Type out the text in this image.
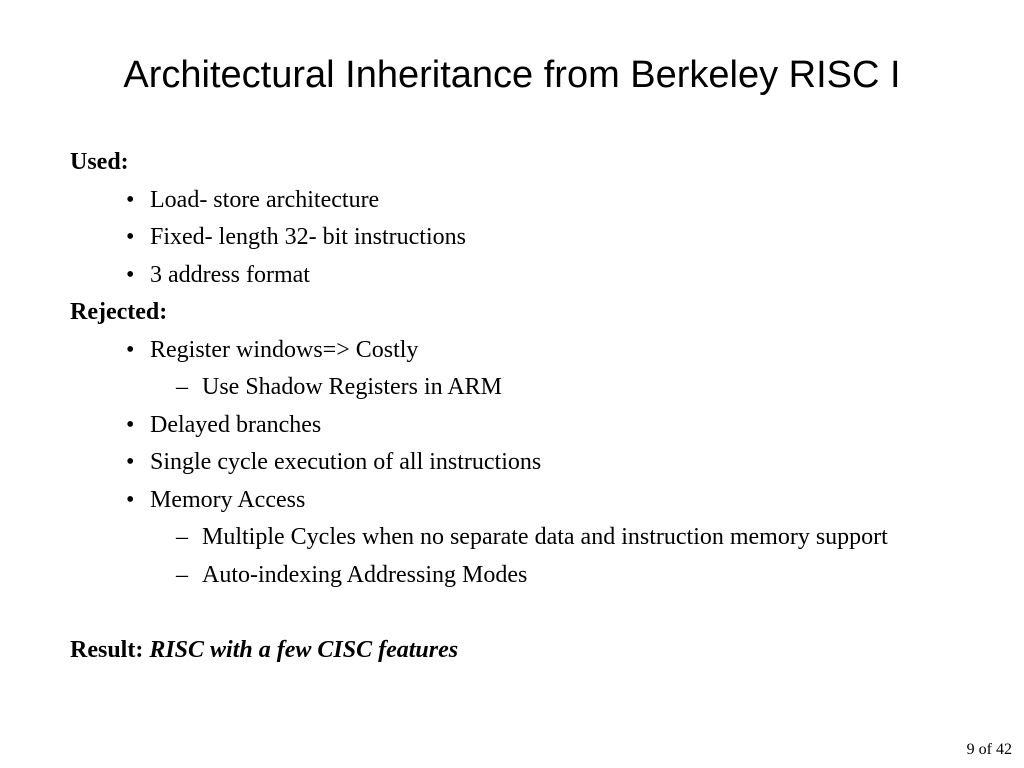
Architectural Inheritance from Berkeley RISC I
Used:
• Load- store architecture
• Fixed- length 32- bit instructions
• 3 address format
Rejected:
• Register windows=> Costly
– Use Shadow Registers in ARM
• Delayed branches
• Single cycle execution of all instructions
• Memory Access
– Multiple Cycles when no separate data and instruction memory support
– Auto-indexing Addressing Modes
Result: RISC with a few CISC features
9 of 42
